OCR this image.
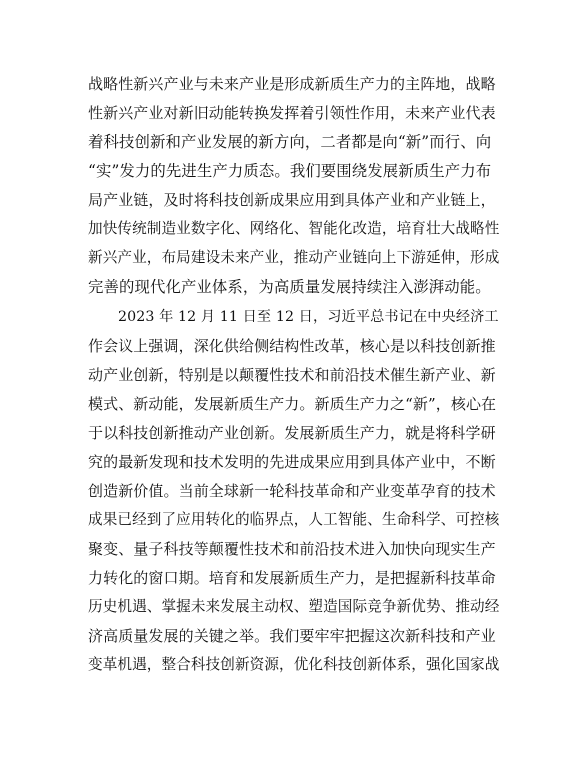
战略性新兴产业与未来产业是形成新质生产力的主阵地，战略
性新兴产业对新旧动能转换发挥着引领性作用，未来产业代表
着科技创新和产业发展的新方向，二者都是向“新”而行、向
“实”发力的先进生产力质态。我们要围绕发展新质生产力布
局产业链，及时将科技创新成果应用到具体产业和产业链上，
加快传统制造业数字化、网络化、智能化改造，培育壮大战略性
新兴产业，布局建设未来产业，推动产业链向上下游延伸，形成
完善的现代化产业体系，为高质量发展持续注入澎湃动能。
2023 年 12 月 11 日至 12 日，习近平总书记在中央经济工
作会议上强调，深化供给侧结构性改革，核心是以科技创新推
动产业创新，特别是以颠覆性技术和前沿技术催生新产业、新
模式、新动能，发展新质生产力。新质生产力之“新”，核心在
于以科技创新推动产业创新。发展新质生产力，就是将科学研
究的最新发现和技术发明的先进成果应用到具体产业中，不断
创造新价值。当前全球新一轮科技革命和产业变革孕育的技术
成果已经到了应用转化的临界点，人工智能、生命科学、可控核
聚变、量子科技等颠覆性技术和前沿技术进入加快向现实生产
力转化的窗口期。培育和发展新质生产力，是把握新科技革命
历史机遇、掌握未来发展主动权、塑造国际竞争新优势、推动经
济高质量发展的关键之举。我们要牢牢把握这次新科技和产业
变革机遇，整合科技创新资源，优化科技创新体系，强化国家战
